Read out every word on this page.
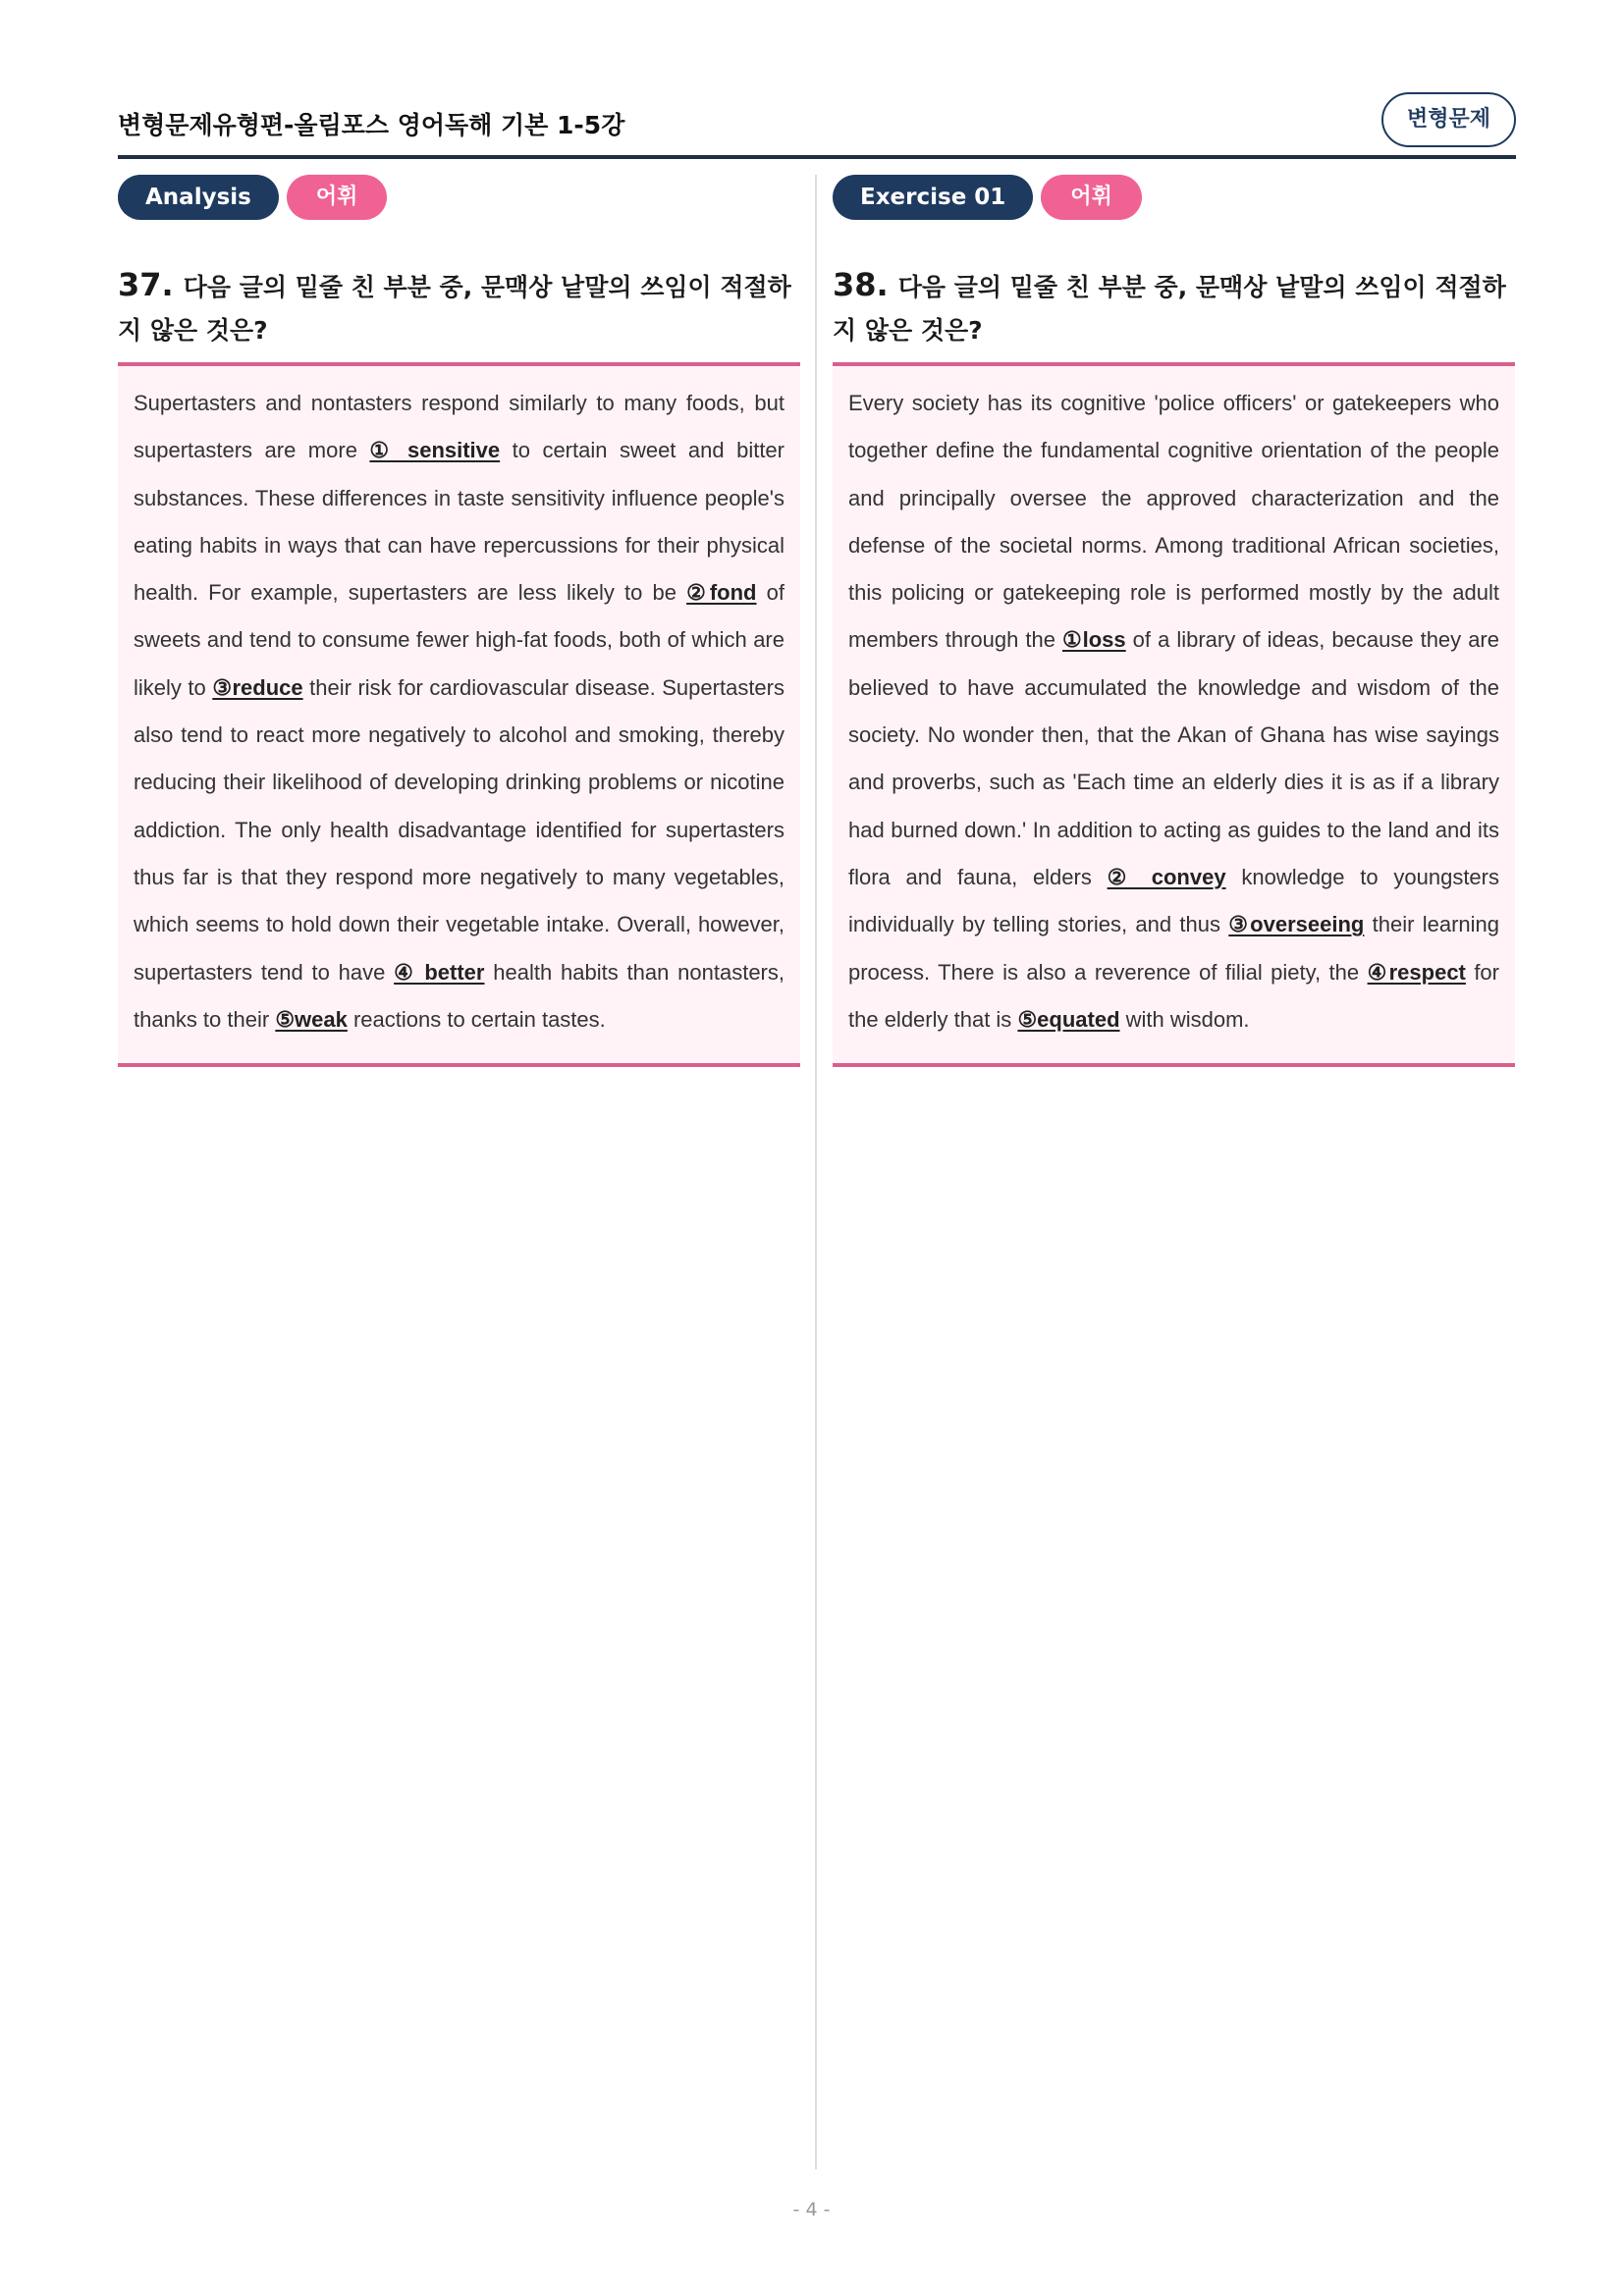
변형문제유형편-올림포스 영어독해 기본 1-5강	변형문제
Analysis	어휘
37. 다음 글의 밑줄 친 부분 중, 문맥상 낱말의 쓰임이 적절하지 않은 것은?
Supertasters and nontasters respond similarly to many foods, but supertasters are more ① sensitive to certain sweet and bitter substances. These differences in taste sensitivity influence people's eating habits in ways that can have repercussions for their physical health. For example, supertasters are less likely to be ②fond of sweets and tend to consume fewer high-fat foods, both of which are likely to ③reduce their risk for cardiovascular disease. Supertasters also tend to react more negatively to alcohol and smoking, thereby reducing their likelihood of developing drinking problems or nicotine addiction. The only health disadvantage identified for supertasters thus far is that they respond more negatively to many vegetables, which seems to hold down their vegetable intake. Overall, however, supertasters tend to have ④ better health habits than nontasters, thanks to their ⑤weak reactions to certain tastes.
Exercise 01	어휘
38. 다음 글의 밑줄 친 부분 중, 문맥상 낱말의 쓰임이 적절하지 않은 것은?
Every society has its cognitive 'police officers' or gatekeepers who together define the fundamental cognitive orientation of the people and principally oversee the approved characterization and the defense of the societal norms. Among traditional African societies, this policing or gatekeeping role is performed mostly by the adult members through the ①loss of a library of ideas, because they are believed to have accumulated the knowledge and wisdom of the society. No wonder then, that the Akan of Ghana has wise sayings and proverbs, such as 'Each time an elderly dies it is as if a library had burned down.' In addition to acting as guides to the land and its flora and fauna, elders ② convey knowledge to youngsters individually by telling stories, and thus ③overseeing their learning process. There is also a reverence of filial piety, the ④respect for the elderly that is ⑤equated with wisdom.
- 4 -
